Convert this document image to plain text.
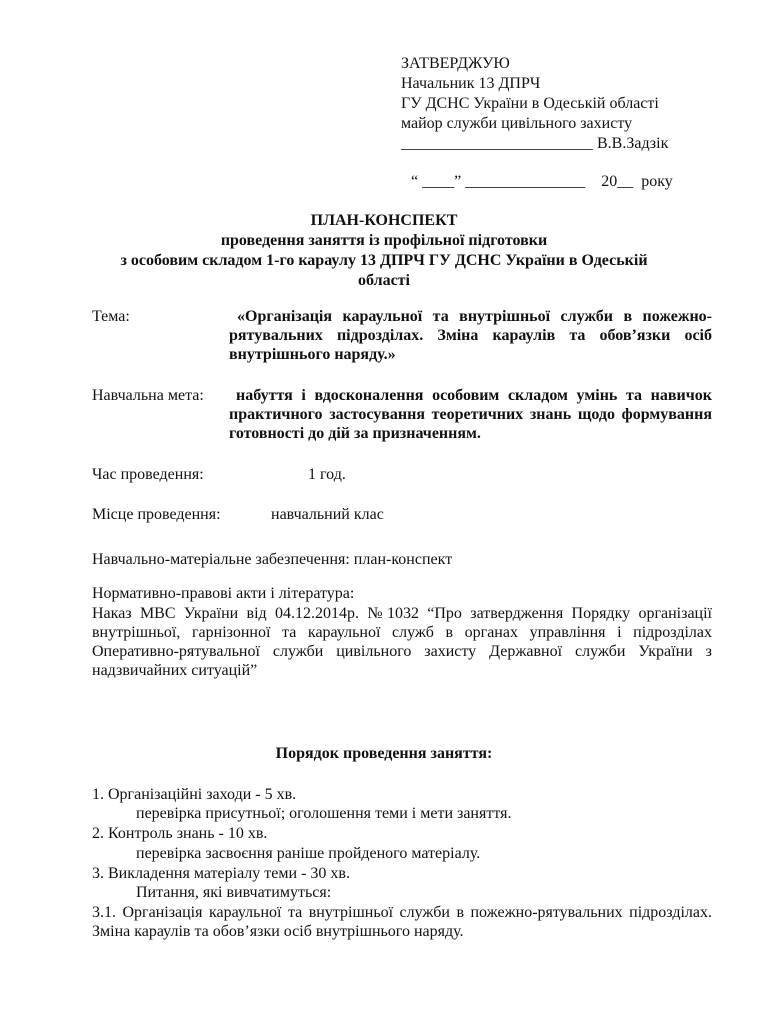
ЗАТВЕРДЖУЮ
Начальник 13 ДПРЧ
ГУ ДСНС України в Одеській області
майор служби цивільного захисту
________________________ В.В.Задзік
“ ____” _______________    20__  року
ПЛАН-КОНСПЕКТ
проведення заняття із профільної підготовки
з особовим складом 1-го караулу 13 ДПРЧ ГУ ДСНС України в Одеській
області
Тема:	«Організація караульної та внутрішньої служби в пожежно-рятувальних підрозділах. Зміна караулів та обов’язки осіб внутрішнього наряду.»
Навчальна мета:	набуття і вдосконалення особовим складом умінь та навичок практичного застосування теоретичних знань щодо формування готовності до дій за призначенням.
Час проведення:	1 год.
Місце проведення:	навчальний клас
Навчально-матеріальне забезпечення: план-конспект
Нормативно-правові акти і література:
Наказ МВС України від 04.12.2014р. №1032 “Про затвердження Порядку організації внутрішньої, гарнізонної та караульної служб в органах управління і підрозділах Оперативно-рятувальної служби цивільного захисту Державної служби України з надзвичайних ситуацій”
Порядок проведення заняття:
1. Організаційні заходи - 5 хв.
перевірка присутньої; оголошення теми і мети заняття.
2. Контроль знань - 10 хв.
перевірка засвоєння раніше пройденого матеріалу.
3. Викладення матеріалу теми - 30 хв.
Питання, які вивчатимуться:
3.1. Організація караульної та внутрішньої служби в пожежно-рятувальних підрозділах. Зміна караулів та обов’язки осіб внутрішнього наряду.
